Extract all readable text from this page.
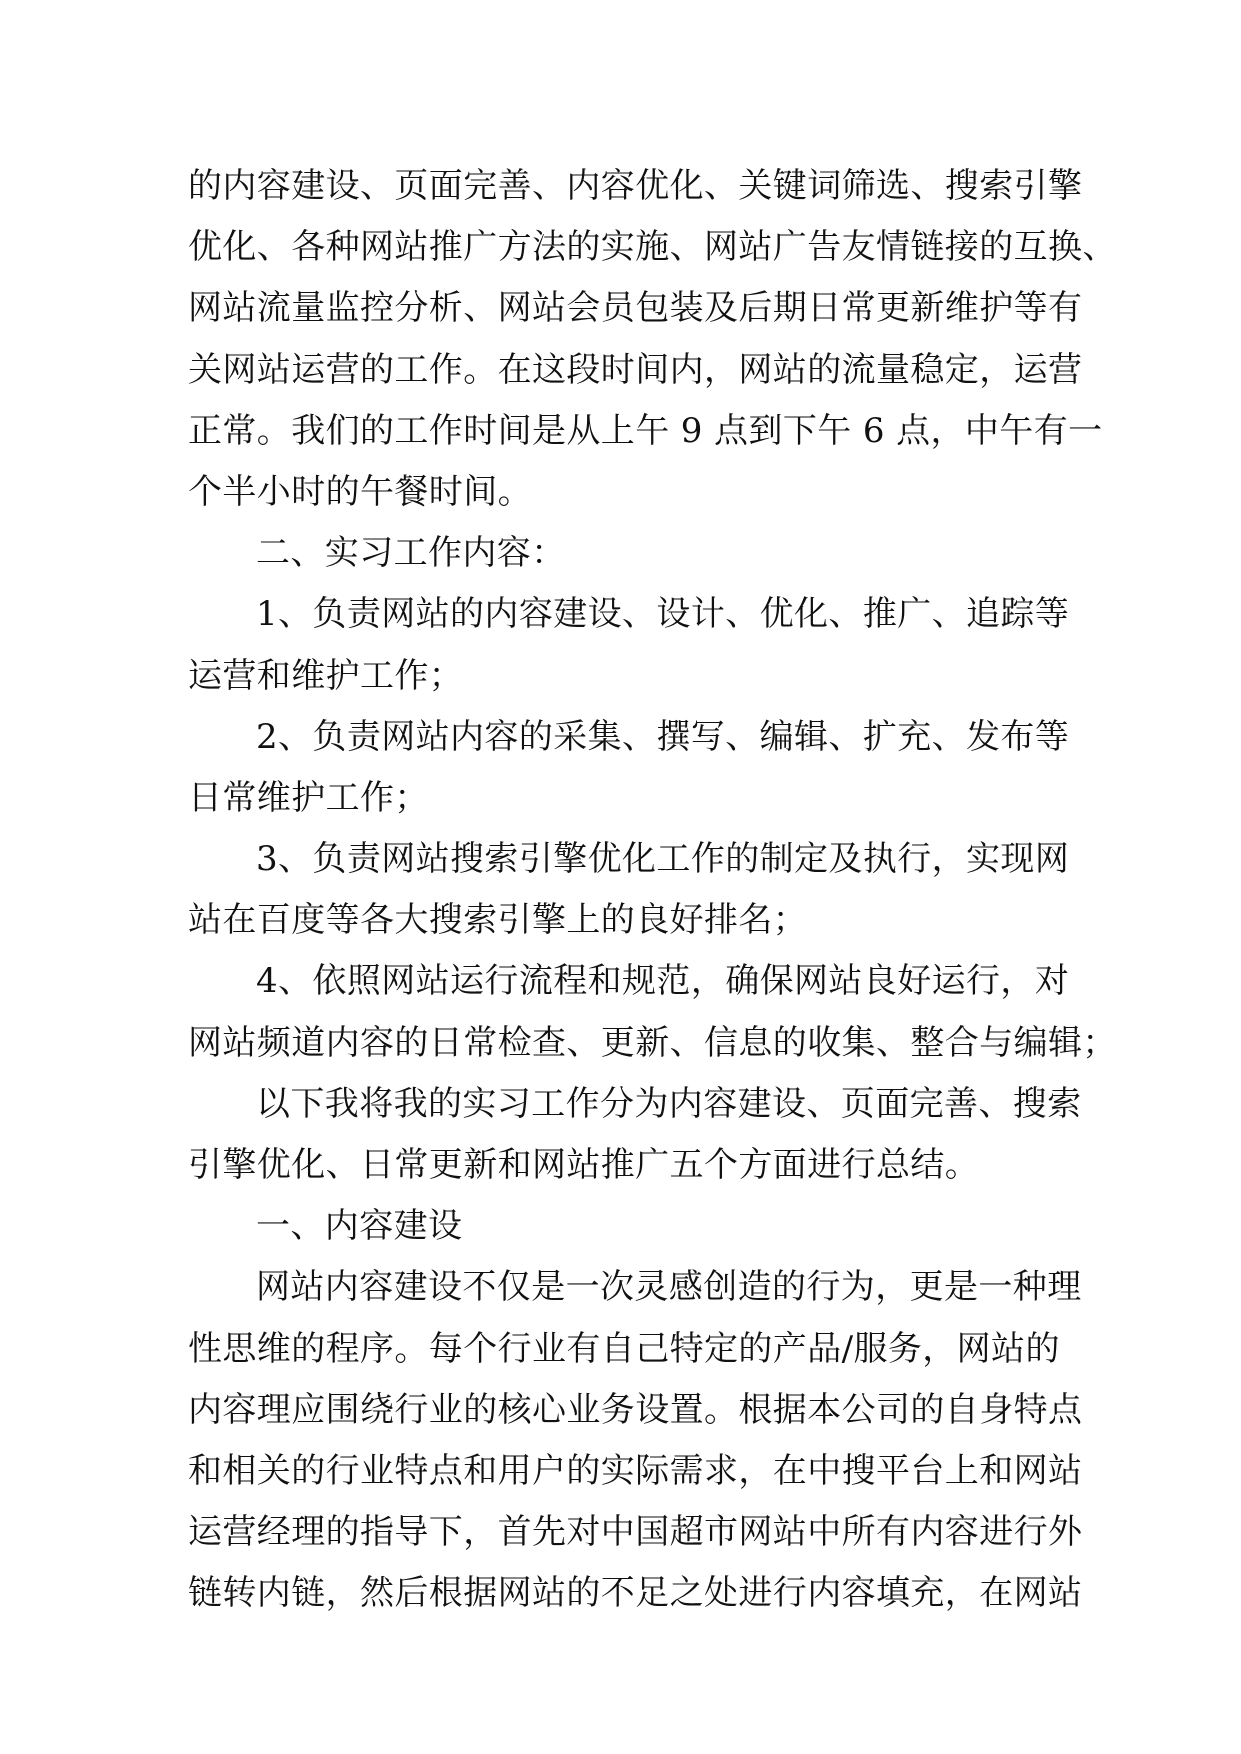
的内容建设、页面完善、内容优化、关键词筛选、搜索引擎
优化、各种网站推广方法的实施、网站广告友情链接的互换、
网站流量监控分析、网站会员包装及后期日常更新维护等有
关网站运营的工作。在这段时间内，网站的流量稳定，运营
正常。我们的工作时间是从上午 9 点到下午 6 点，中午有一
个半小时的午餐时间。
二、实习工作内容：
1、负责网站的内容建设、设计、优化、推广、追踪等
运营和维护工作；
2、负责网站内容的采集、撰写、编辑、扩充、发布等
日常维护工作；
3、负责网站搜索引擎优化工作的制定及执行，实现网
站在百度等各大搜索引擎上的良好排名；
4、依照网站运行流程和规范，确保网站良好运行，对
网站频道内容的日常检查、更新、信息的收集、整合与编辑；
以下我将我的实习工作分为内容建设、页面完善、搜索
引擎优化、日常更新和网站推广五个方面进行总结。
一、内容建设
网站内容建设不仅是一次灵感创造的行为，更是一种理
性思维的程序。每个行业有自己特定的产品/服务，网站的
内容理应围绕行业的核心业务设置。根据本公司的自身特点
和相关的行业特点和用户的实际需求，在中搜平台上和网站
运营经理的指导下，首先对中国超市网站中所有内容进行外
链转内链，然后根据网站的不足之处进行内容填充，在网站
